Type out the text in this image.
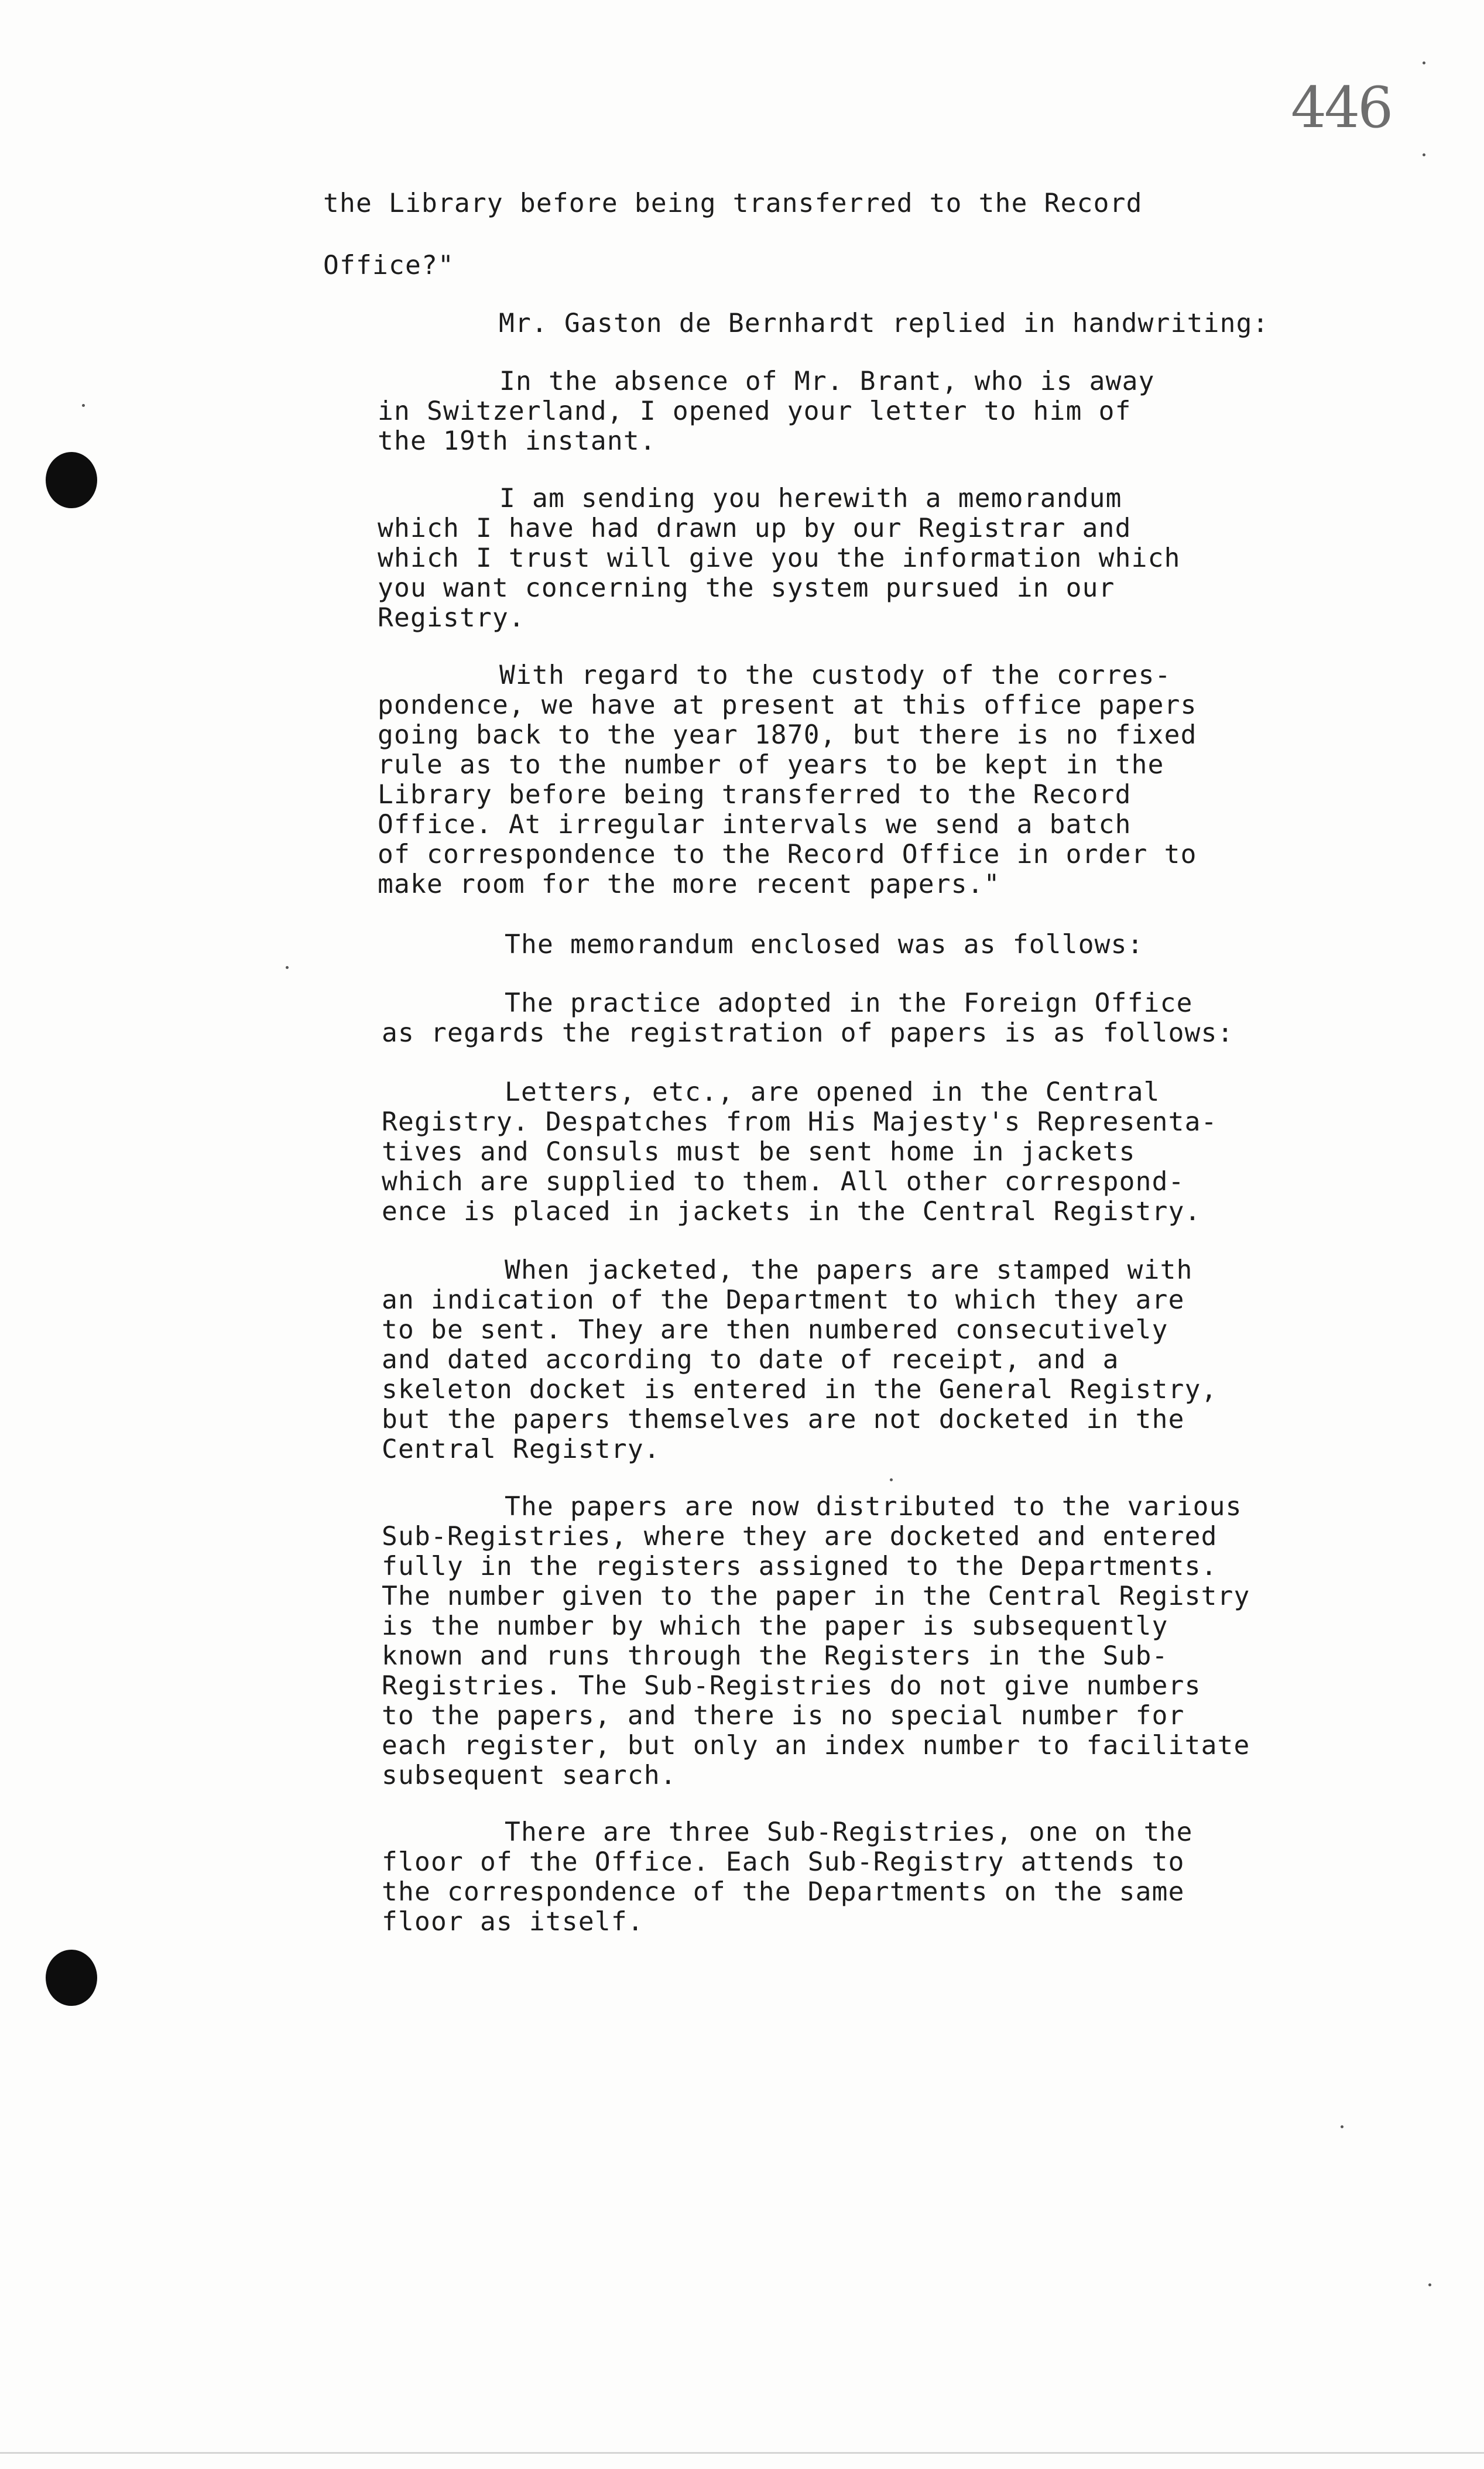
446
the Library before being transferred to the Record
Office?"
Mr. Gaston de Bernhardt replied in handwriting:
In the absence of Mr. Brant, who is away
in Switzerland, I opened your letter to him of
the 19th instant.
I am sending you herewith a memorandum
which I have had drawn up by our Registrar and
which I trust will give you the information which
you want concerning the system pursued in our
Registry.
With regard to the custody of the corres-
pondence, we have at present at this office papers
going back to the year 1870, but there is no fixed
rule as to the number of years to be kept in the
Library before being transferred to the Record
Office. At irregular intervals we send a batch
of correspondence to the Record Office in order to
make room for the more recent papers."
The memorandum enclosed was as follows:
The practice adopted in the Foreign Office
as regards the registration of papers is as follows:
Letters, etc., are opened in the Central
Registry. Despatches from His Majesty's Representa-
tives and Consuls must be sent home in jackets
which are supplied to them. All other correspond-
ence is placed in jackets in the Central Registry.
When jacketed, the papers are stamped with
an indication of the Department to which they are
to be sent. They are then numbered consecutively
and dated according to date of receipt, and a
skeleton docket is entered in the General Registry,
but the papers themselves are not docketed in the
Central Registry.
The papers are now distributed to the various
Sub-Registries, where they are docketed and entered
fully in the registers assigned to the Departments.
The number given to the paper in the Central Registry
is the number by which the paper is subsequently
known and runs through the Registers in the Sub-
Registries. The Sub-Registries do not give numbers
to the papers, and there is no special number for
each register, but only an index number to facilitate
subsequent search.
There are three Sub-Registries, one on the
floor of the Office. Each Sub-Registry attends to
the correspondence of the Departments on the same
floor as itself.
